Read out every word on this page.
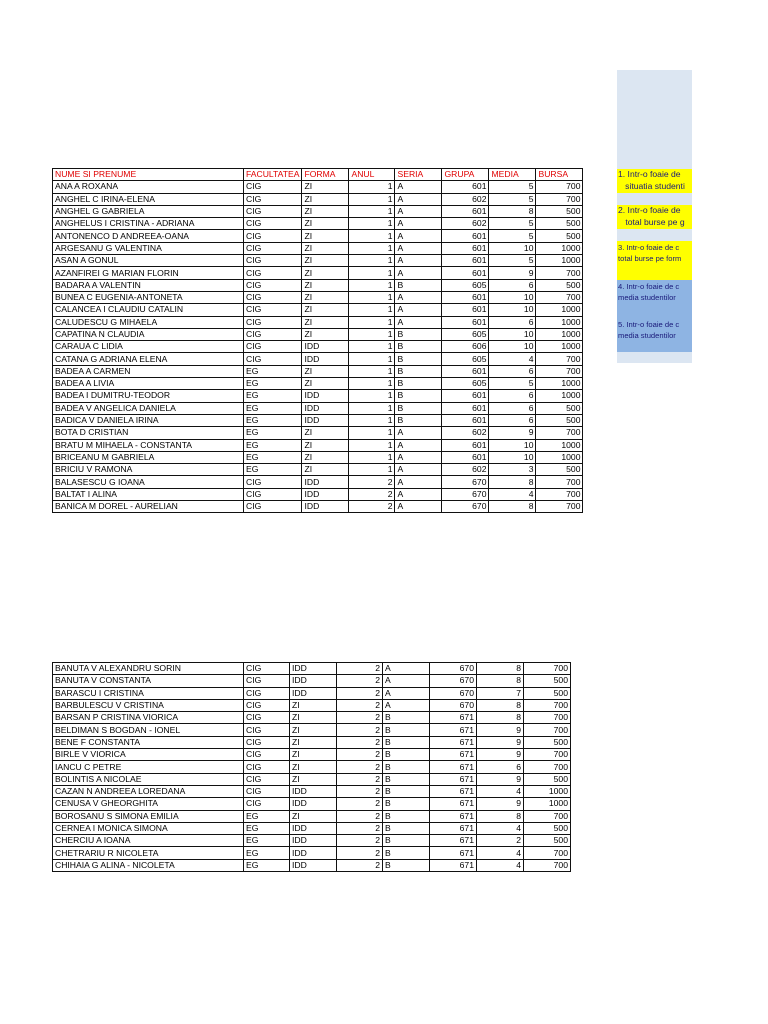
NUME SI PRENUME	FACULTATEA	FORMA	ANUL	SERIA	GRUPA	MEDIA	BURSA
ANA A ROXANA	CIG	ZI	1	A	601	5	700
ANGHEL C IRINA-ELENA	CIG	ZI	1	A	602	5	700
ANGHEL G GABRIELA	CIG	ZI	1	A	601	8	500
ANGHELUS I CRISTINA - ADRIANA	CIG	ZI	1	A	602	5	500
ANTONENCO D ANDREEA-OANA	CIG	ZI	1	A	601	5	500
ARGESANU G VALENTINA	CIG	ZI	1	A	601	10	1000
ASAN A GONUL	CIG	ZI	1	A	601	5	1000
AZANFIREI G MARIAN FLORIN	CIG	ZI	1	A	601	9	700
BADARA A VALENTIN	CIG	ZI	1	B	605	6	500
BUNEA C EUGENIA-ANTONETA	CIG	ZI	1	A	601	10	700
CALANCEA I CLAUDIU CATALIN	CIG	ZI	1	A	601	10	1000
CALUDESCU G MIHAELA	CIG	ZI	1	A	601	6	1000
CAPATINA N CLAUDIA	CIG	ZI	1	B	605	10	1000
CARAUA C LIDIA	CIG	IDD	1	B	606	10	1000
CATANA G ADRIANA ELENA	CIG	IDD	1	B	605	4	700
BADEA A CARMEN	EG	ZI	1	B	601	6	700
BADEA A LIVIA	EG	ZI	1	B	605	5	1000
BADEA I DUMITRU-TEODOR	EG	IDD	1	B	601	6	1000
BADEA V ANGELICA DANIELA	EG	IDD	1	B	601	6	500
BADICA V DANIELA IRINA	EG	IDD	1	B	601	6	500
BOTA D CRISTIAN	EG	ZI	1	A	602	9	700
BRATU M MIHAELA - CONSTANTA	EG	ZI	1	A	601	10	1000
BRICEANU M GABRIELA	EG	ZI	1	A	601	10	1000
BRICIU V RAMONA	EG	ZI	1	A	602	3	500
BALASESCU G IOANA	CIG	IDD	2	A	670	8	700
BALTAT I ALINA	CIG	IDD	2	A	670	4	700
BANICA M DOREL - AURELIAN	CIG	IDD	2	A	670	8	700
BANUTA V ALEXANDRU SORIN	CIG	IDD	2	A	670	8	700
BANUTA V CONSTANTA	CIG	IDD	2	A	670	8	500
BARASCU I CRISTINA	CIG	IDD	2	A	670	7	500
BARBULESCU V CRISTINA	CIG	ZI	2	A	670	8	700
BARSAN P CRISTINA VIORICA	CIG	ZI	2	B	671	8	700
BELDIMAN S BOGDAN - IONEL	CIG	ZI	2	B	671	9	700
BENE F CONSTANTA	CIG	ZI	2	B	671	9	500
BIRLE V VIORICA	CIG	ZI	2	B	671	9	700
IANCU C PETRE	CIG	ZI	2	B	671	6	700
BOLINTIS A NICOLAE	CIG	ZI	2	B	671	9	500
CAZAN N ANDREEA LOREDANA	CIG	IDD	2	B	671	4	1000
CENUSA V GHEORGHITA	CIG	IDD	2	B	671	9	1000
BOROSANU S SIMONA EMILIA	EG	ZI	2	B	671	8	700
CERNEA I MONICA SIMONA	EG	IDD	2	B	671	4	500
CHERCIU A IOANA	EG	IDD	2	B	671	2	500
CHETRARIU R NICOLETA	EG	IDD	2	B	671	4	700
CHIHAIA G ALINA - NICOLETA	EG	IDD	2	B	671	4	700
1. Intr-o foaie de
situatia studenti
2. Intr-o foaie de
total burse pe g
3. Intr-o foaie de c
total burse pe form
4. Intr-o foaie de c
media studentilor

5. Intr-o foaie de c
media studentilor
